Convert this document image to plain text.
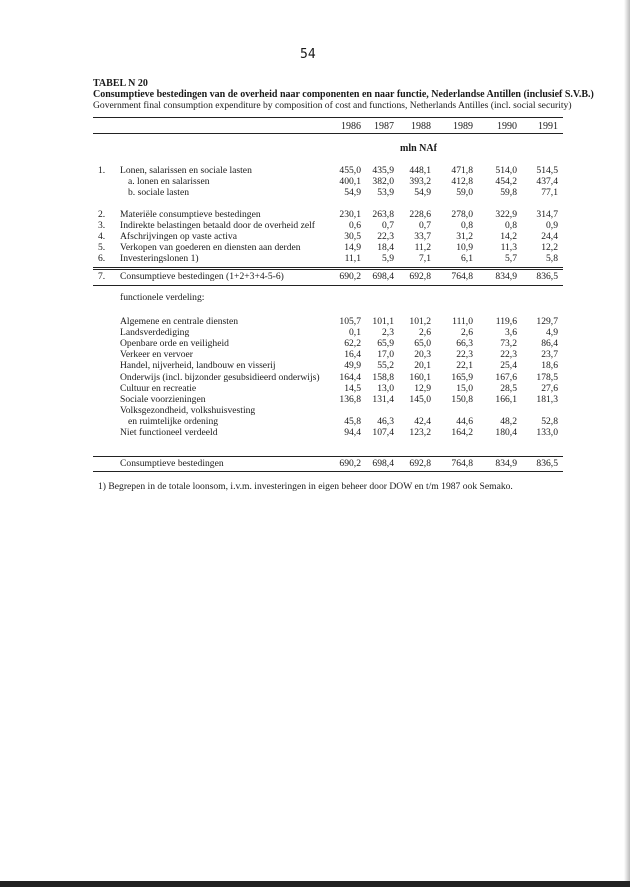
54
TABEL N 20
Consumptieve bestedingen van de overheid naar componenten en naar functie, Nederlandse Antillen (inclusief S.V.B.)
Government final consumption expenditure by composition of cost and functions, Netherlands Antilles (incl. social security)
1986	1987	1988	1989	1990	1991
mln NAf
1. Lonen, salarissen en sociale lasten	455,0	435,9	448,1	471,8	514,0	514,5
a. lonen en salarissen	400,1	382,0	393,2	412,8	454,2	437,4
b. sociale lasten	54,9	53,9	54,9	59,0	59,8	77,1
2. Materiële consumptieve bestedingen	230,1	263,8	228,6	278,0	322,9	314,7
3. Indirekte belastingen betaald door de overheid zelf	0,6	0,7	0,7	0,8	0,8	0,9
4. Afschrijvingen op vaste activa	30,5	22,3	33,7	31,2	14,2	24,4
5. Verkopen van goederen en diensten aan derden	14,9	18,4	11,2	10,9	11,3	12,2
6. Investeringslonen 1)	11,1	5,9	7,1	6,1	5,7	5,8
7. Consumptieve bestedingen (1+2+3+4-5-6)	690,2	698,4	692,8	764,8	834,9	836,5
functionele verdeling:
Algemene en centrale diensten	105,7	101,1	101,2	111,0	119,6	129,7
Landsverdediging	0,1	2,3	2,6	2,6	3,6	4,9
Openbare orde en veiligheid	62,2	65,9	65,0	66,3	73,2	86,4
Verkeer en vervoer	16,4	17,0	20,3	22,3	22,3	23,7
Handel, nijverheid, landbouw en visserij	49,9	55,2	20,1	22,1	25,4	18,6
Onderwijs (incl. bijzonder gesubsidieerd onderwijs)	164,4	158,8	160,1	165,9	167,6	178,5
Cultuur en recreatie	14,5	13,0	12,9	15,0	28,5	27,6
Sociale voorzieningen	136,8	131,4	145,0	150,8	166,1	181,3
Volksgezondheid, volkshuisvesting
en ruimtelijke ordening	45,8	46,3	42,4	44,6	48,2	52,8
Niet functioneel verdeeld	94,4	107,4	123,2	164,2	180,4	133,0
Consumptieve bestedingen	690,2	698,4	692,8	764,8	834,9	836,5
1) Begrepen in de totale loonsom, i.v.m. investeringen in eigen beheer door DOW en t/m 1987 ook Semako.
